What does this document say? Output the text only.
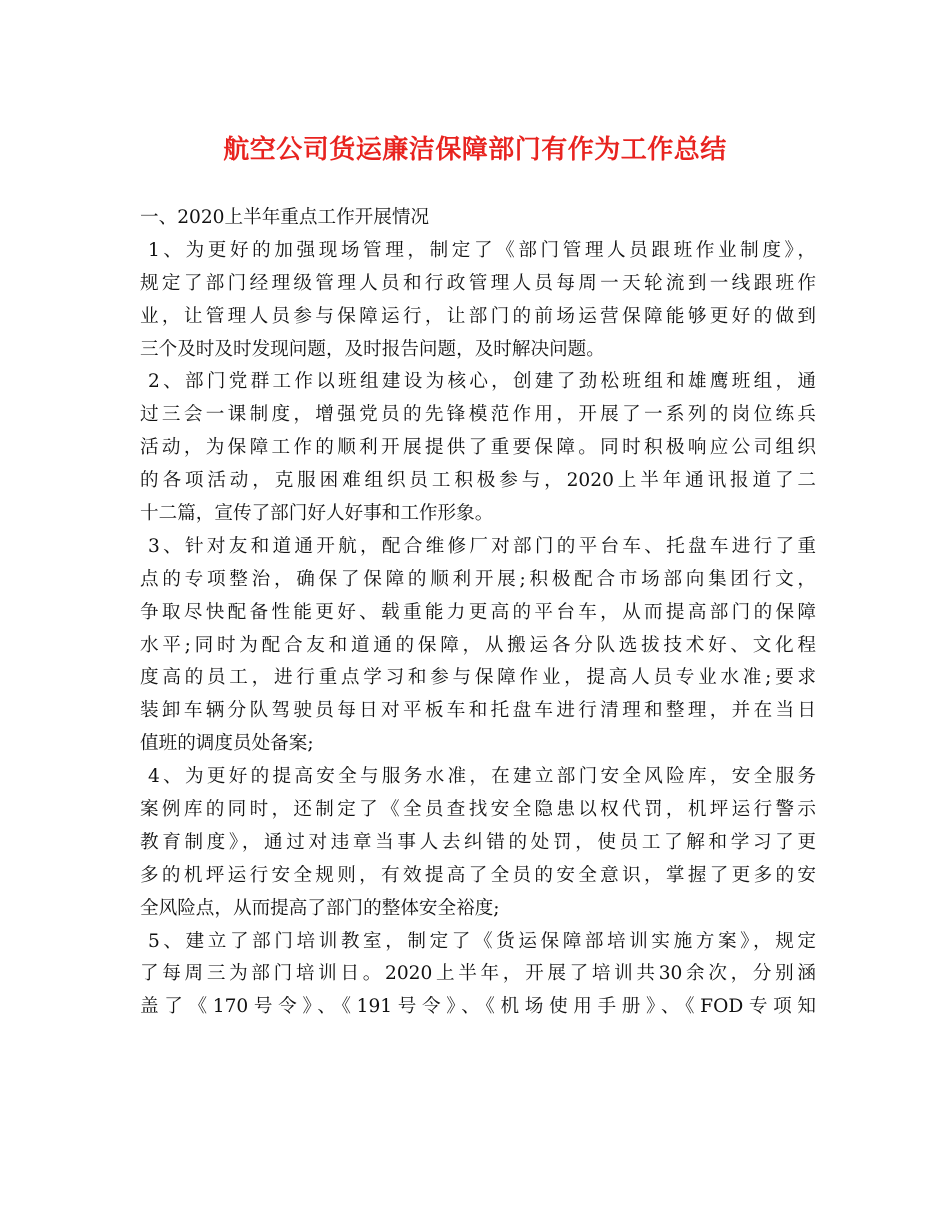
航空公司货运廉洁保障部门有作为工作总结
一、2020上半年重点工作开展情况
1、为更好的加强现场管理，制定了《部门管理人员跟班作业制度》，
规定了部门经理级管理人员和行政管理人员每周一天轮流到一线跟班作
业，让管理人员参与保障运行，让部门的前场运营保障能够更好的做到
三个及时及时发现问题，及时报告问题，及时解决问题。
2、部门党群工作以班组建设为核心，创建了劲松班组和雄鹰班组，通
过三会一课制度，增强党员的先锋模范作用，开展了一系列的岗位练兵
活动，为保障工作的顺利开展提供了重要保障。同时积极响应公司组织
的各项活动，克服困难组织员工积极参与，2020上半年通讯报道了二
十二篇，宣传了部门好人好事和工作形象。
3、针对友和道通开航，配合维修厂对部门的平台车、托盘车进行了重
点的专项整治，确保了保障的顺利开展;积极配合市场部向集团行文，
争取尽快配备性能更好、载重能力更高的平台车，从而提高部门的保障
水平;同时为配合友和道通的保障，从搬运各分队选拔技术好、文化程
度高的员工，进行重点学习和参与保障作业，提高人员专业水准;要求
装卸车辆分队驾驶员每日对平板车和托盘车进行清理和整理，并在当日
值班的调度员处备案;
4、为更好的提高安全与服务水准，在建立部门安全风险库，安全服务
案例库的同时，还制定了《全员查找安全隐患以权代罚，机坪运行警示
教育制度》，通过对违章当事人去纠错的处罚，使员工了解和学习了更
多的机坪运行安全规则，有效提高了全员的安全意识，掌握了更多的安
全风险点，从而提高了部门的整体安全裕度;
5、建立了部门培训教室，制定了《货运保障部培训实施方案》，规定
了每周三为部门培训日。2020上半年，开展了培训共30余次，分别涵
盖了《170号令》、《191号令》、《机场使用手册》、《FOD专项知
